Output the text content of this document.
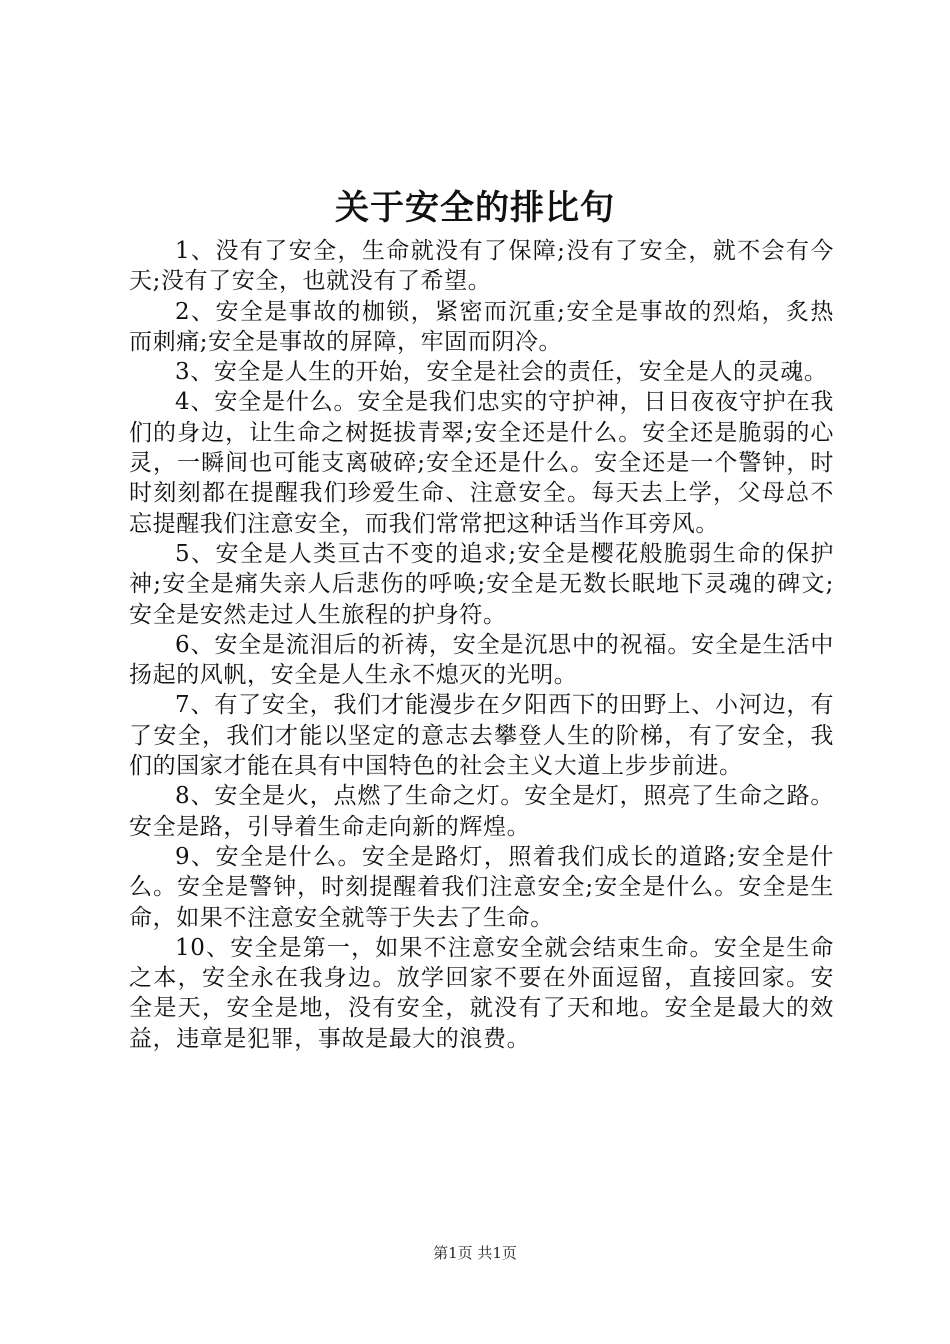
关于安全的排比句

1、没有了安全，生命就没有了保障;没有了安全，就不会有今天;没有了安全，也就没有了希望。

2、安全是事故的枷锁，紧密而沉重;安全是事故的烈焰，炙热而刺痛;安全是事故的屏障，牢固而阴冷。

3、安全是人生的开始，安全是社会的责任，安全是人的灵魂。

4、安全是什么。安全是我们忠实的守护神，日日夜夜守护在我们的身边，让生命之树挺拔青翠;安全还是什么。安全还是脆弱的心灵，一瞬间也可能支离破碎;安全还是什么。安全还是一个警钟，时时刻刻都在提醒我们珍爱生命、注意安全。每天去上学，父母总不忘提醒我们注意安全，而我们常常把这种话当作耳旁风。

5、安全是人类亘古不变的追求;安全是樱花般脆弱生命的保护神;安全是痛失亲人后悲伤的呼唤;安全是无数长眠地下灵魂的碑文;安全是安然走过人生旅程的护身符。

6、安全是流泪后的祈祷，安全是沉思中的祝福。安全是生活中扬起的风帆，安全是人生永不熄灭的光明。

7、有了安全，我们才能漫步在夕阳西下的田野上、小河边，有了安全，我们才能以坚定的意志去攀登人生的阶梯，有了安全，我们的国家才能在具有中国特色的社会主义大道上步步前进。

8、安全是火，点燃了生命之灯。安全是灯，照亮了生命之路。安全是路，引导着生命走向新的辉煌。

9、安全是什么。安全是路灯，照着我们成长的道路;安全是什么。安全是警钟，时刻提醒着我们注意安全;安全是什么。安全是生命，如果不注意安全就等于失去了生命。

10、安全是第一，如果不注意安全就会结束生命。安全是生命之本，安全永在我身边。放学回家不要在外面逗留，直接回家。安全是天，安全是地，没有安全，就没有了天和地。安全是最大的效益，违章是犯罪，事故是最大的浪费。

第1页 共1页
